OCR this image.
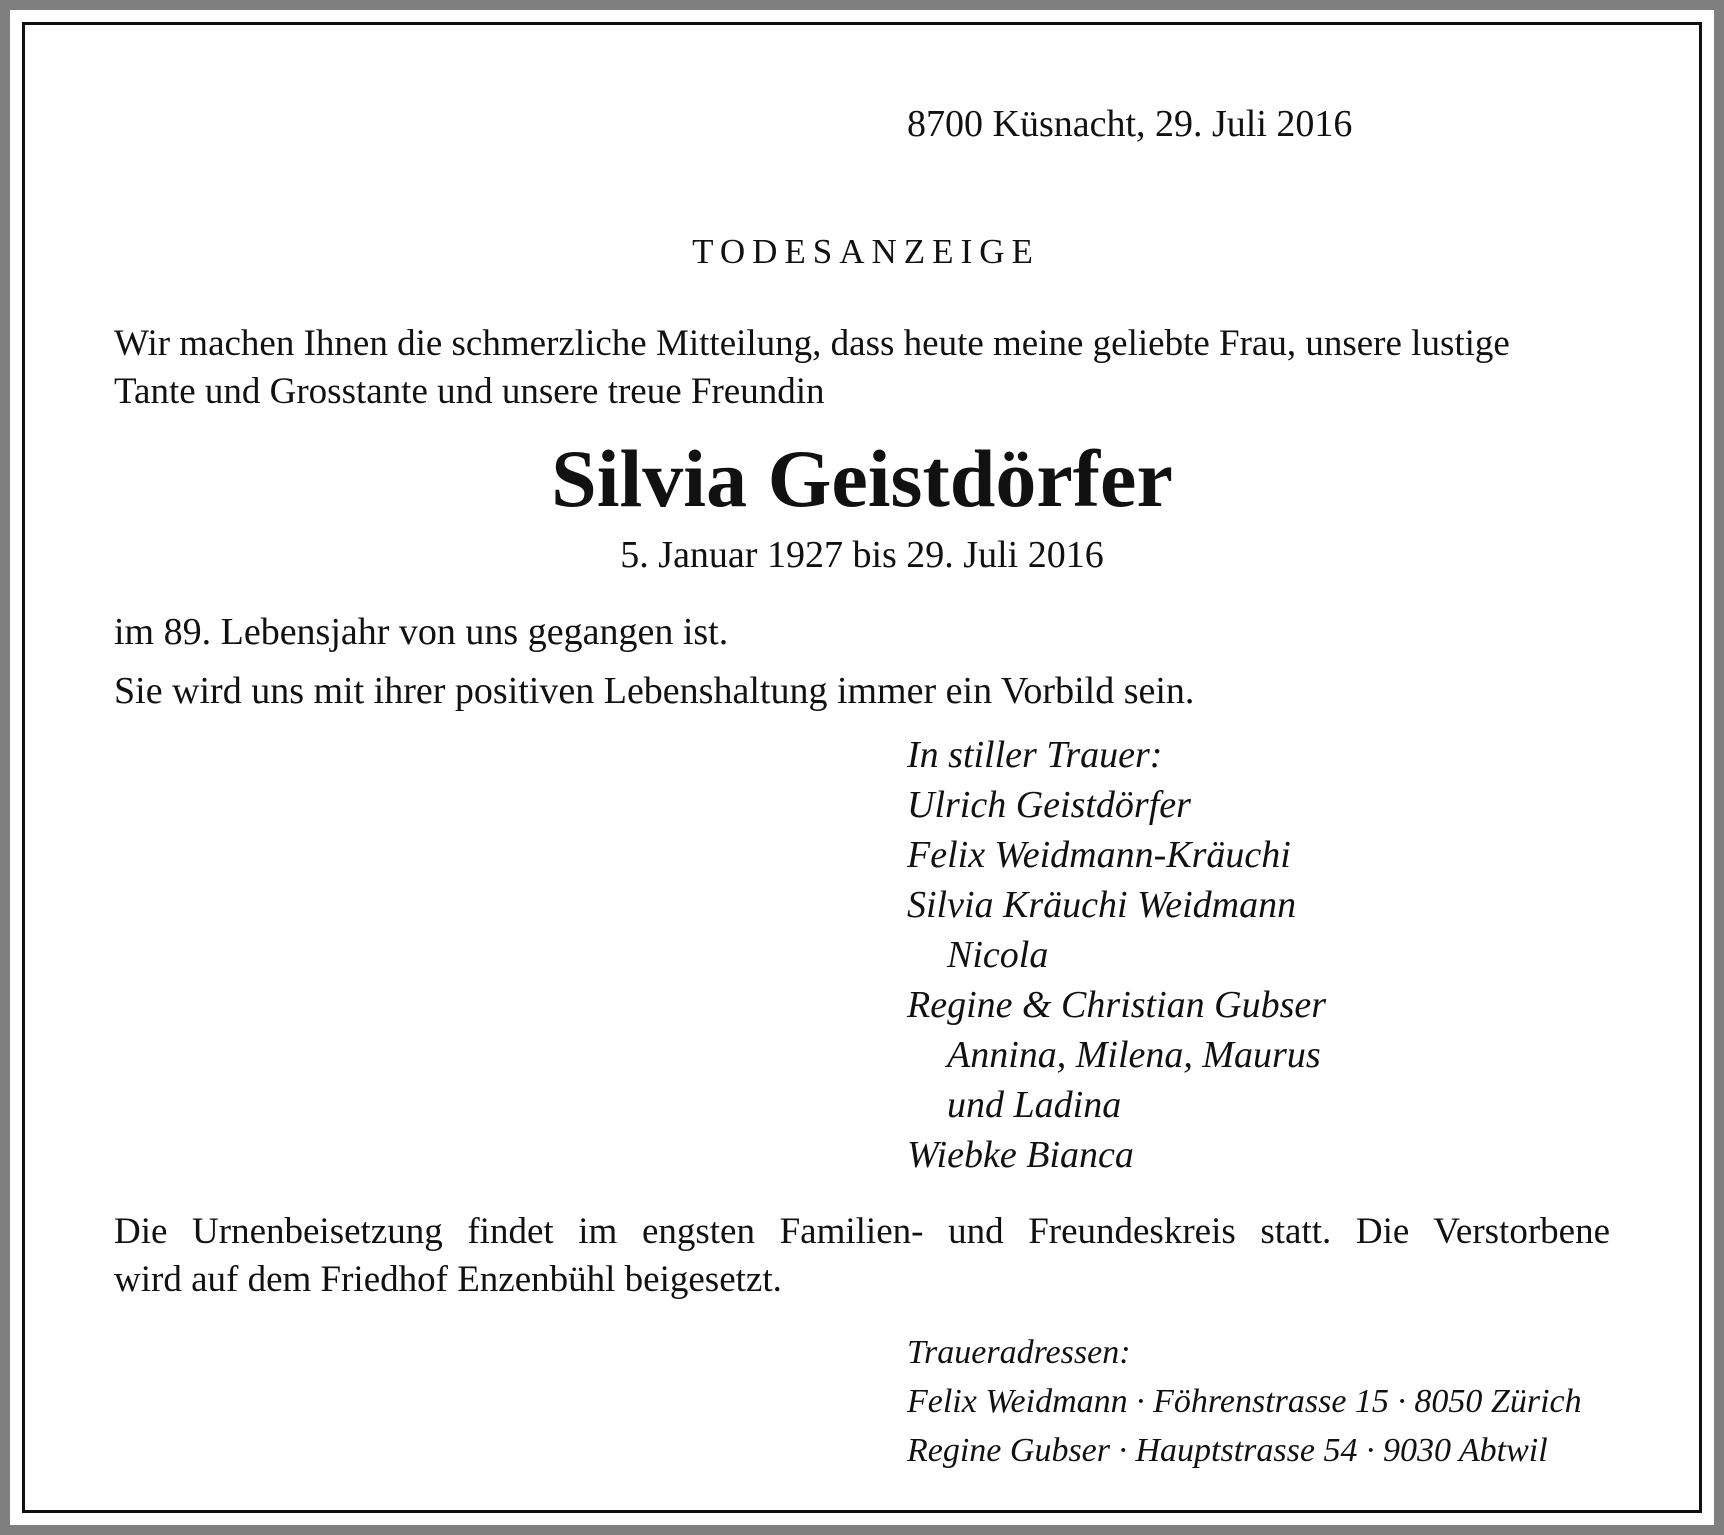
8700 Küsnacht, 29. Juli 2016

TODESANZEIGE

Wir machen Ihnen die schmerzliche Mitteilung, dass heute meine geliebte Frau, unsere lustige
Tante und Grosstante und unsere treue Freundin

Silvia Geistdörfer

5. Januar 1927 bis 29. Juli 2016

im 89. Lebensjahr von uns gegangen ist.

Sie wird uns mit ihrer positiven Lebenshaltung immer ein Vorbild sein.

In stiller Trauer:
Ulrich Geistdörfer
Felix Weidmann-Kräuchi
Silvia Kräuchi Weidmann
Nicola
Regine & Christian Gubser
Annina, Milena, Maurus
und Ladina
Wiebke Bianca

Die Urnenbeisetzung findet im engsten Familien- und Freundeskreis statt. Die Verstorbene
wird auf dem Friedhof Enzenbühl beigesetzt.

Traueradressen:
Felix Weidmann · Föhrenstrasse 15 · 8050 Zürich
Regine Gubser · Hauptstrasse 54 · 9030 Abtwil
